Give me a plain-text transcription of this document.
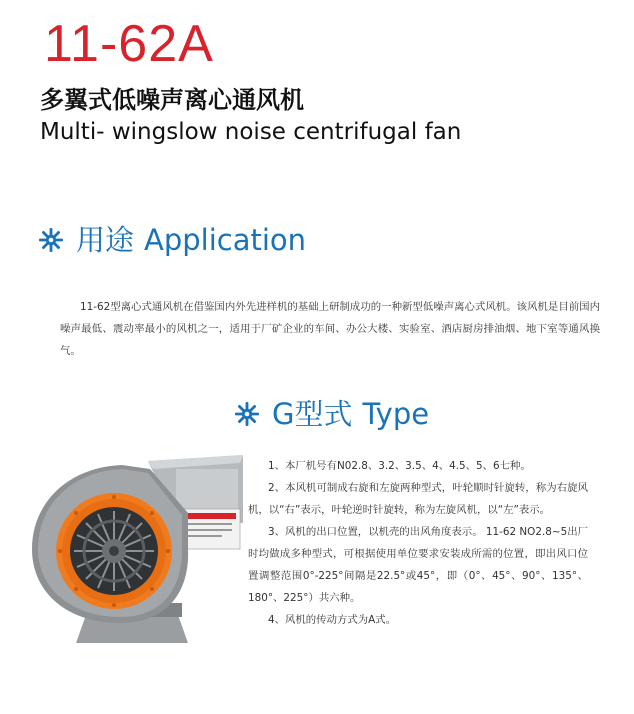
11-62A
多翼式低噪声离心通风机
Multi- wingslow noise centrifugal fan
用途 Application
11-62型离心式通风机在借鉴国内外先进样机的基础上研制成功的一种新型低噪声离心式风机。该风机是目前国内噪声最低、震动率最小的风机之一，适用于厂矿企业的车间、办公大楼、实验室、酒店厨房排油烟、地下室等通风换气。
G型式 Type

1、本厂机号有N02.8、3.2、3.5、4、4.5、5、6七种。

2、本风机可制成右旋和左旋两种型式，叶轮顺时针旋转，称为右旋风机，以“右”表示，叶轮逆时针旋转，称为左旋风机，以“左”表示。

3、风机的出口位置，以机壳的出风角度表示。 11-62 NO2.8~5出厂时均做成多种型式，可根据使用单位要求安装成所需的位置，即出风口位置调整范围0°-225°间隔是22.5°或45°，即（0°、45°、90°、135°、180°、225°）共六种。

4、风机的传动方式为A式。
